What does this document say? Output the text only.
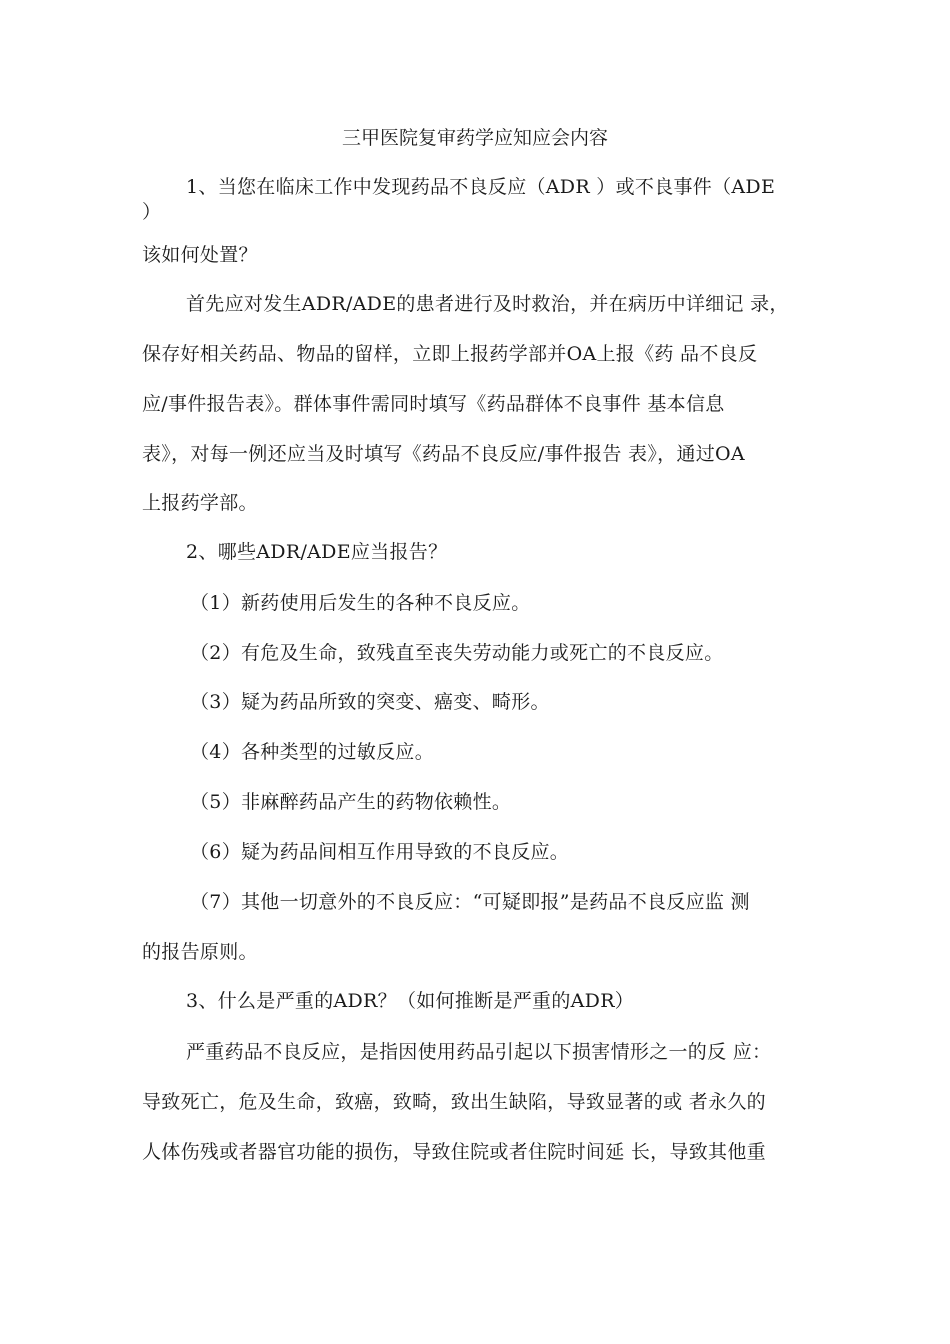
三甲医院复审药学应知应会内容
1、当您在临床工作中发现药品不良反应（ADR ）或不良事件（ADE
）
该如何处置？
首先应对发生ADR/ADE的患者进行及时救治，并在病历中详细记 录，
保存好相关药品、物品的留样，立即上报药学部并OA上报《药 品不良反
应/事件报告表》。群体事件需同时填写《药品群体不良事件 基本信息
表》，对每一例还应当及时填写《药品不良反应/事件报告 表》，通过OA
上报药学部。
2、哪些ADR/ADE应当报告？
（1）新药使用后发生的各种不良反应。
（2）有危及生命，致残直至丧失劳动能力或死亡的不良反应。
（3）疑为药品所致的突变、癌变、畸形。
（4）各种类型的过敏反应。
（5）非麻醉药品产生的药物依赖性。
（6）疑为药品间相互作用导致的不良反应。
（7）其他一切意外的不良反应：“可疑即报”是药品不良反应监 测
的报告原则。
3、什么是严重的ADR？（如何推断是严重的ADR）
严重药品不良反应，是指因使用药品引起以下损害情形之一的反 应：
导致死亡，危及生命，致癌，致畸，致出生缺陷，导致显著的或 者永久的
人体伤残或者器官功能的损伤，导致住院或者住院时间延 长，导致其他重
